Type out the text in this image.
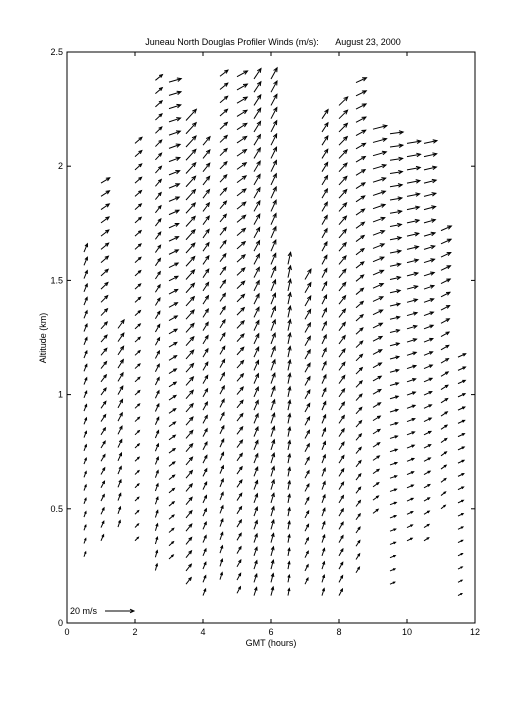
Juneau North Douglas Profiler Winds (m/s): August 23, 2000
0	2	4	6	8	10	12
0
0.5
1
1.5
2
2.5
GMT (hours)
Altitude (km)
20 m/s
